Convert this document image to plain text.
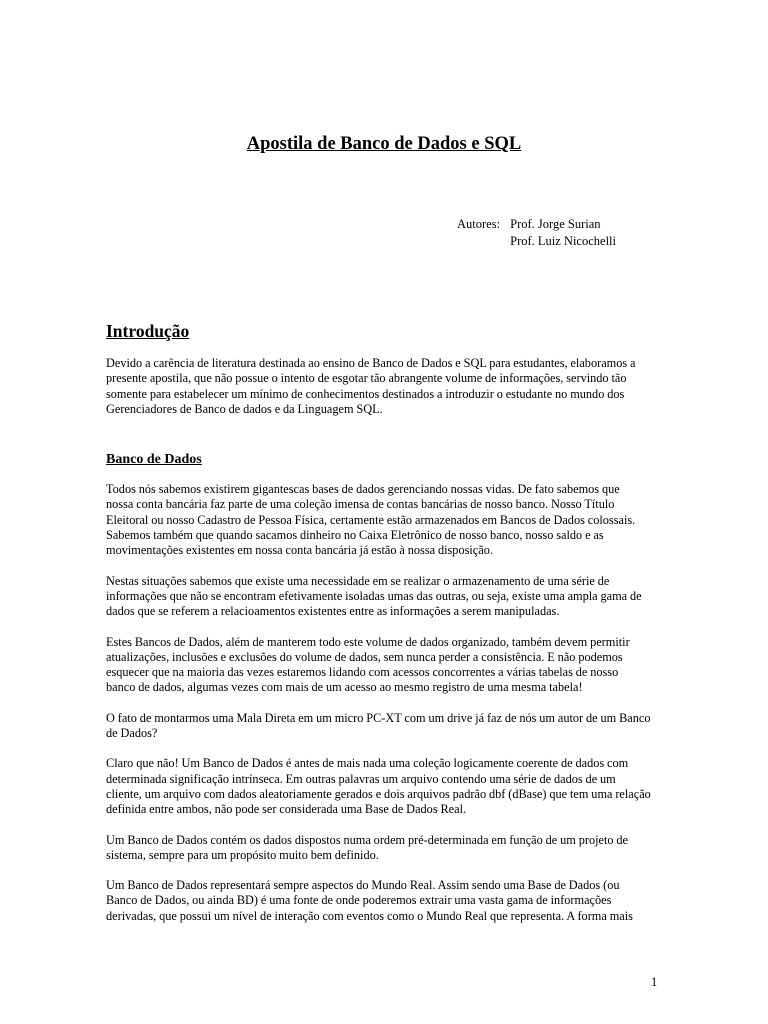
Apostila de Banco de Dados e SQL
Autores: Prof. Jorge Surian
Prof. Luiz Nicochelli
Introdução

Devido a carência de literatura destinada ao ensino de Banco de Dados e SQL para estudantes, elaboramos a
presente apostila, que não possue o intento de esgotar tão abrangente volume de informações, servindo tão
somente para estabelecer um mínimo de conhecimentos destinados a introduzir o estudante no mundo dos
Gerenciadores de Banco de dados e da Linguagem SQL.

Banco de Dados

Todos nós sabemos existirem gigantescas bases de dados gerenciando nossas vidas. De fato sabemos que
nossa conta bancária faz parte de uma coleção imensa de contas bancárias de nosso banco. Nosso Título
Eleitoral ou nosso Cadastro de Pessoa Física, certamente estão armazenados em Bancos de Dados colossais.
Sabemos também que quando sacamos dinheiro no Caixa Eletrônico de nosso banco, nosso saldo e as
movimentações existentes em nossa conta bancária já estão à nossa disposição.

Nestas situações sabemos que existe uma necessidade em se realizar o armazenamento de uma série de
informações que não se encontram efetivamente isoladas umas das outras, ou seja, existe uma ampla gama de
dados que se referem a relacioamentos existentes entre as informações a serem manipuladas.

Estes Bancos de Dados, além de manterem todo este volume de dados organizado, também devem permitir
atualizações, inclusões e exclusões do volume de dados, sem nunca perder a consistência. E não podemos
esquecer que na maioria das vezes estaremos lidando com acessos concorrentes a várias tabelas de nosso
banco de dados, algumas vezes com mais de um acesso ao mesmo registro de uma mesma tabela!

O fato de montarmos uma Mala Direta em um micro PC-XT com um drive já faz de nós um autor de um Banco
de Dados?

Claro que não! Um Banco de Dados é antes de mais nada uma coleção logicamente coerente de dados com
determinada significação intrínseca. Em outras palavras um arquivo contendo uma série de dados de um
cliente, um arquivo com dados aleatoriamente gerados e dois arquivos padrão dbf (dBase) que tem uma relação
definida entre ambos, não pode ser considerada uma Base de Dados Real.

Um Banco de Dados contém os dados dispostos numa ordem pré-determinada em função de um projeto de
sistema, sempre para um propósito muito bem definido.

Um Banco de Dados representará sempre aspectos do Mundo Real. Assim sendo uma Base de Dados (ou
Banco de Dados, ou ainda BD) é uma fonte de onde poderemos extrair uma vasta gama de informações
derivadas, que possui um nível de interação com eventos como o Mundo Real que representa. A forma mais

1
